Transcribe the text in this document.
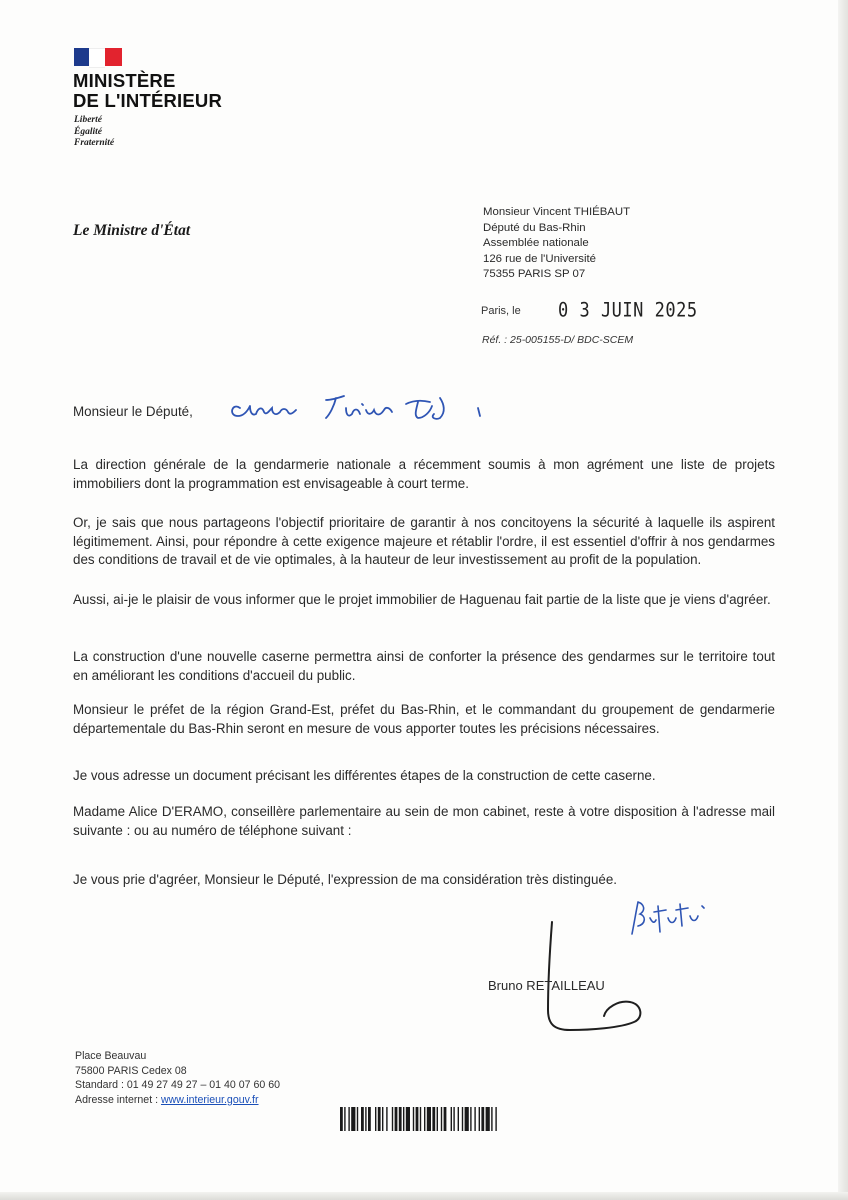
MINISTÈRE
DE L'INTÉRIEUR
Liberté
Égalité
Fraternité
Le Ministre d'État
Monsieur Vincent THIÉBAUT
Député du Bas-Rhin
Assemblée nationale
126 rue de l'Université
75355 PARIS SP 07
Paris, le 0 3 JUIN 2025
Réf. : 25-005155-D/ BDC-SCEM
Monsieur le Député,
La direction générale de la gendarmerie nationale a récemment soumis à mon agrément une liste de projets immobiliers dont la programmation est envisageable à court terme.
Or, je sais que nous partageons l'objectif prioritaire de garantir à nos concitoyens la sécurité à laquelle ils aspirent légitimement. Ainsi, pour répondre à cette exigence majeure et rétablir l'ordre, il est essentiel d'offrir à nos gendarmes des conditions de travail et de vie optimales, à la hauteur de leur investissement au profit de la population.
Aussi, ai-je le plaisir de vous informer que le projet immobilier de Haguenau fait partie de la liste que je viens d'agréer.
La construction d'une nouvelle caserne permettra ainsi de conforter la présence des gendarmes sur le territoire tout en améliorant les conditions d'accueil du public.
Monsieur le préfet de la région Grand-Est, préfet du Bas-Rhin, et le commandant du groupement de gendarmerie départementale du Bas-Rhin seront en mesure de vous apporter toutes les précisions nécessaires.
Je vous adresse un document précisant les différentes étapes de la construction de cette caserne.
Madame Alice D'ERAMO, conseillère parlementaire au sein de mon cabinet, reste à votre disposition à l'adresse mail suivante : ou au numéro de téléphone suivant :
Je vous prie d'agréer, Monsieur le Député, l'expression de ma considération très distinguée.
Bruno RETAILLEAU
Place Beauvau
75800 PARIS Cedex 08
Standard : 01 49 27 49 27 – 01 40 07 60 60
Adresse internet : www.interieur.gouv.fr
